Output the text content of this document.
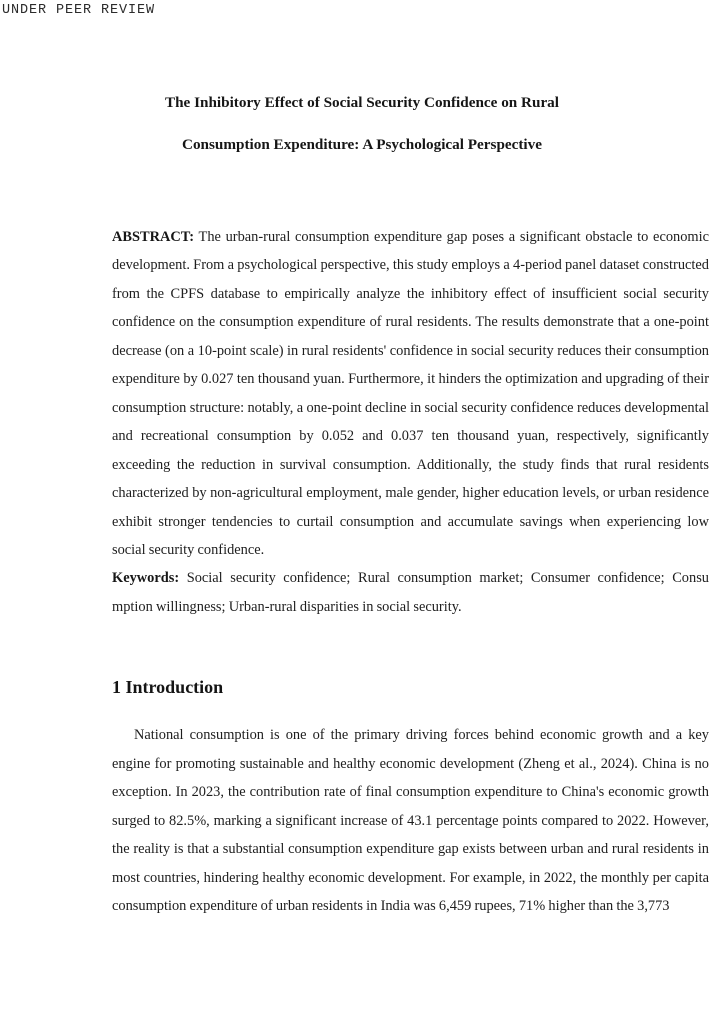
UNDER PEER REVIEW
The Inhibitory Effect of Social Security Confidence on Rural
Consumption Expenditure: A Psychological Perspective

ABSTRACT: The urban-rural consumption expenditure gap poses a significant obstacle to economic development. From a psychological perspective, this study employs a 4-period panel dataset constructed from the CPFS database to empirically analyze the inhibitory effect of insufficient social security confidence on the consumption expenditure of rural residents. The results demonstrate that a one-point decrease (on a 10-point scale) in rural residents' confidence in social security reduces their consumption expenditure by 0.027 ten thousand yuan. Furthermore, it hinders the optimization and upgrading of their consumption structure: notably, a one-point decline in social security confidence reduces developmental and recreational consumption by 0.052 and 0.037 ten thousand yuan, respectively, significantly exceeding the reduction in survival consumption. Additionally, the study finds that rural residents characterized by non-agricultural employment, male gender, higher education levels, or urban residence exhibit stronger tendencies to curtail consumption and accumulate savings when experiencing low social security confidence.

Keywords: Social security confidence; Rural consumption market; Consumer confidence; Consu mption willingness; Urban-rural disparities in social security.

1 Introduction

National consumption is one of the primary driving forces behind economic growth and a key engine for promoting sustainable and healthy economic development (Zheng et al., 2024). China is no exception. In 2023, the contribution rate of final consumption expenditure to China's economic growth surged to 82.5%, marking a significant increase of 43.1 percentage points compared to 2022. However, the reality is that a substantial consumption expenditure gap exists between urban and rural residents in most countries, hindering healthy economic development. For example, in 2022, the monthly per capita consumption expenditure of urban residents in India was 6,459 rupees, 71% higher than the 3,773
